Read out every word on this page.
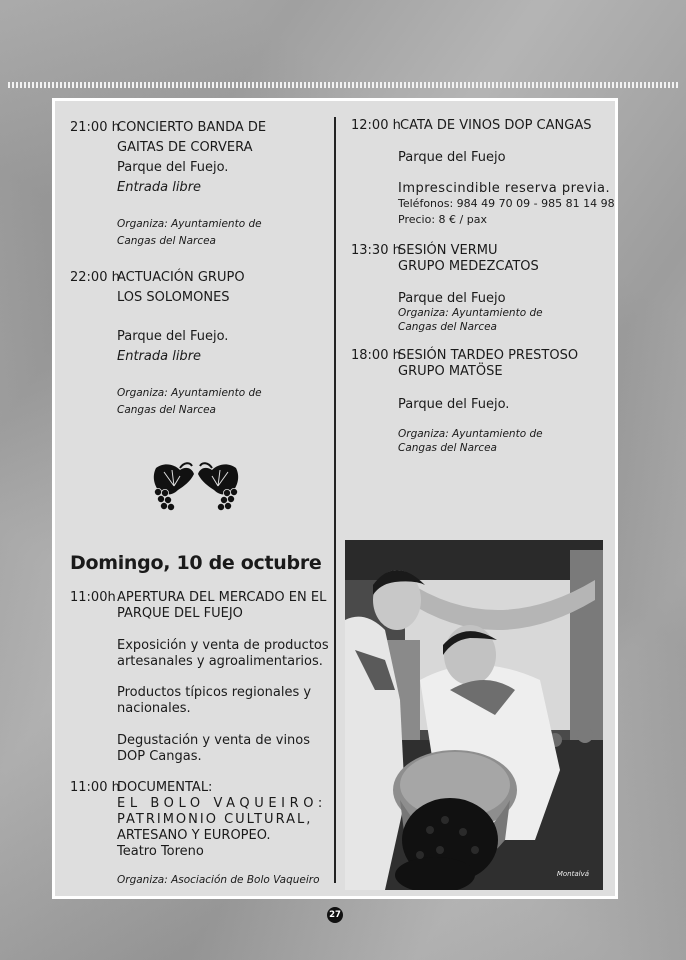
21:00 h
CONCIERTO BANDA DE
GAITAS DE CORVERA
Parque del Fuejo.
Entrada libre
Organiza: Ayuntamiento de
Cangas del Narcea
22:00 h
ACTUACIÓN GRUPO
LOS SOLOMONES
Parque del Fuejo.
Entrada libre
Organiza: Ayuntamiento de
Cangas del Narcea
Domingo, 10 de octubre
11:00h APERTURA DEL MERCADO EN EL
PARQUE DEL FUEJO
Exposición y venta de productos
artesanales y agroalimentarios.
Productos típicos regionales y
nacionales.
Degustación y venta de vinos
DOP Cangas.
11:00 h
DOCUMENTAL:
EL BOLO VAQUEIRO:
PATRIMONIO CULTURAL,
ARTESANO Y EUROPEO.
Teatro Toreno
Organiza: Asociación de Bolo Vaqueiro
12:00 h CATA DE VINOS DOP CANGAS
Parque del Fuejo
Imprescindible reserva previa.
Teléfonos: 984 49 70 09 - 985 81 14 98
Precio: 8 € / pax
13:30 h
SESIÓN VERMU
GRUPO MEDEZCATOS
Parque del Fuejo
Organiza: Ayuntamiento de
Cangas del Narcea
18:00 h
SESIÓN TARDEO PRESTOSO
GRUPO MATÖSE
Parque del Fuejo.
Organiza: Ayuntamiento de
Cangas del Narcea
Montalvá
27
